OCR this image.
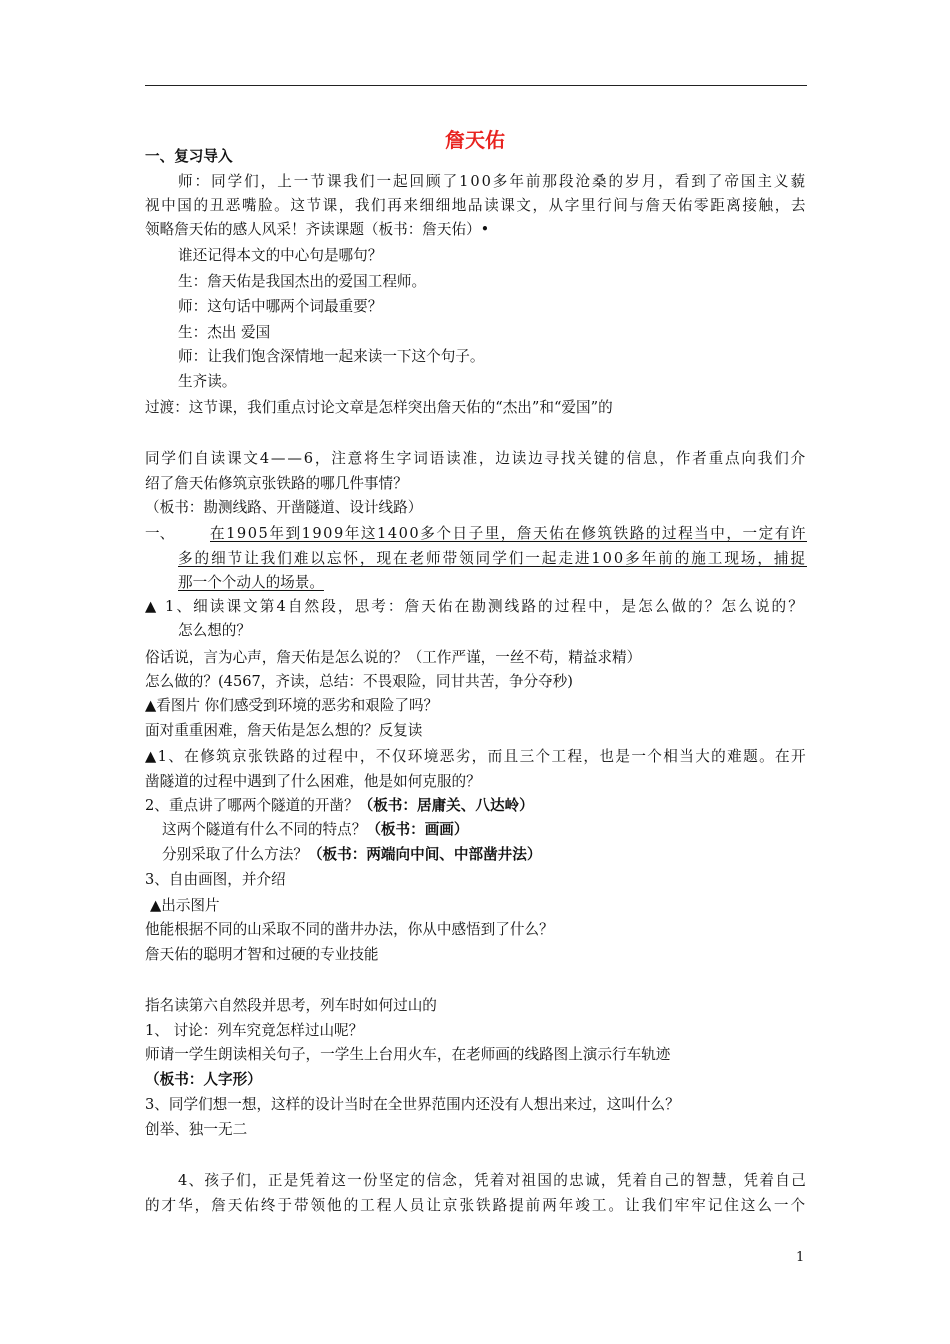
詹天佑
一、复习导入
师：同学们，上一节课我们一起回顾了100多年前那段沧桑的岁月，看到了帝国主义藐
视中国的丑恶嘴脸。这节课，我们再来细细地品读课文，从字里行间与詹天佑零距离接触，去
领略詹天佑的感人风采！齐读课题（板书：詹天佑）•
谁还记得本文的中心句是哪句？
生：詹天佑是我国杰出的爱国工程师。
师：这句话中哪两个词最重要？
生：杰出 爱国
师：让我们饱含深情地一起来读一下这个句子。
生齐读。
过渡：这节课，我们重点讨论文章是怎样突出詹天佑的“杰出”和“爱国”的
同学们自读课文4——6，注意将生字词语读准，边读边寻找关键的信息，作者重点向我们介
绍了詹天佑修筑京张铁路的哪几件事情？
（板书：勘测线路、开凿隧道、设计线路）
一、 在1905年到1909年这1400多个日子里，詹天佑在修筑铁路的过程当中，一定有许
多的细节让我们难以忘怀，现在老师带领同学们一起走进100多年前的施工现场，捕捉
那一个个动人的场景。
▲ 1、细读课文第4自然段，思考：詹天佑在勘测线路的过程中，是怎么做的？怎么说的？
怎么想的？
俗话说，言为心声，詹天佑是怎么说的？（工作严谨，一丝不苟，精益求精）
怎么做的？(4567，齐读，总结：不畏艰险，同甘共苦，争分夺秒)
▲看图片 你们感受到环境的恶劣和艰险了吗？
面对重重困难，詹天佑是怎么想的？反复读
▲1、在修筑京张铁路的过程中，不仅环境恶劣，而且三个工程，也是一个相当大的难题。在开
凿隧道的过程中遇到了什么困难，他是如何克服的？
2、重点讲了哪两个隧道的开凿？（板书：居庸关、八达岭）
这两个隧道有什么不同的特点？（板书：画画）
分别采取了什么方法？（板书：两端向中间、中部凿井法）
3、自由画图，并介绍
▲出示图片
他能根据不同的山采取不同的凿井办法，你从中感悟到了什么？
詹天佑的聪明才智和过硬的专业技能
指名读第六自然段并思考，列车时如何过山的
1、 讨论：列车究竟怎样过山呢？
师请一学生朗读相关句子，一学生上台用火车，在老师画的线路图上演示行车轨迹
（板书：人字形）
3、同学们想一想，这样的设计当时在全世界范围内还没有人想出来过，这叫什么？
创举、独一无二
4、孩子们，正是凭着这一份坚定的信念，凭着对祖国的忠诚，凭着自己的智慧，凭着自己
的才华，詹天佑终于带领他的工程人员让京张铁路提前两年竣工。让我们牢牢记住这么一个
1
